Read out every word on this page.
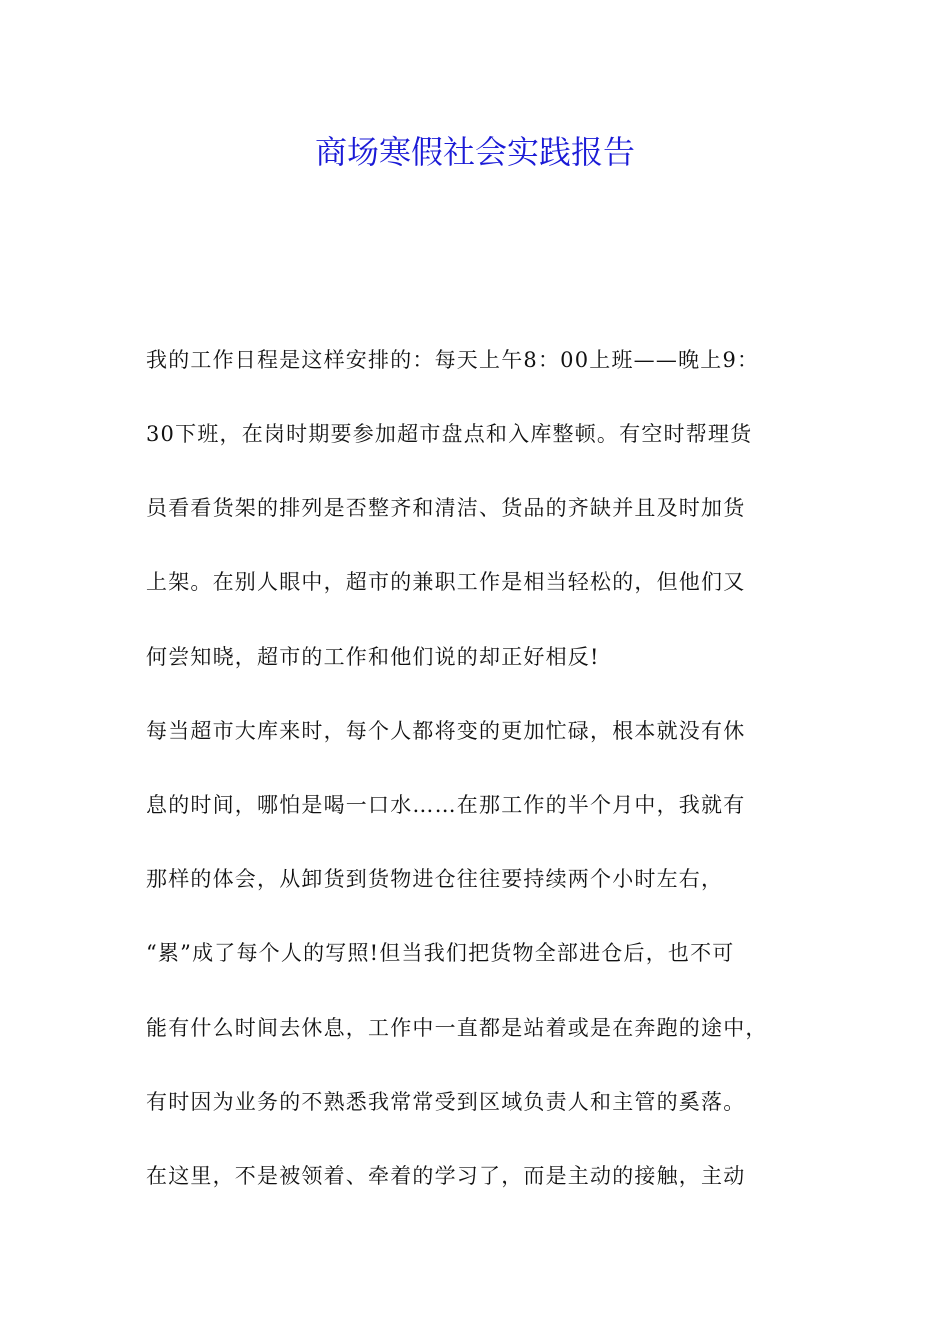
商场寒假社会实践报告
我的工作日程是这样安排的：每天上午8：00上班——晚上9：
30下班，在岗时期要参加超市盘点和入库整顿。有空时帮理货
员看看货架的排列是否整齐和清洁、货品的齐缺并且及时加货
上架。在别人眼中，超市的兼职工作是相当轻松的，但他们又
何尝知晓，超市的工作和他们说的却正好相反!
每当超市大库来时，每个人都将变的更加忙碌，根本就没有休
息的时间，哪怕是喝一口水……在那工作的半个月中，我就有
那样的体会，从卸货到货物进仓往往要持续两个小时左右，
“累”成了每个人的写照!但当我们把货物全部进仓后，也不可
能有什么时间去休息，工作中一直都是站着或是在奔跑的途中，
有时因为业务的不熟悉我常常受到区域负责人和主管的奚落。
在这里，不是被领着、牵着的学习了，而是主动的接触，主动
